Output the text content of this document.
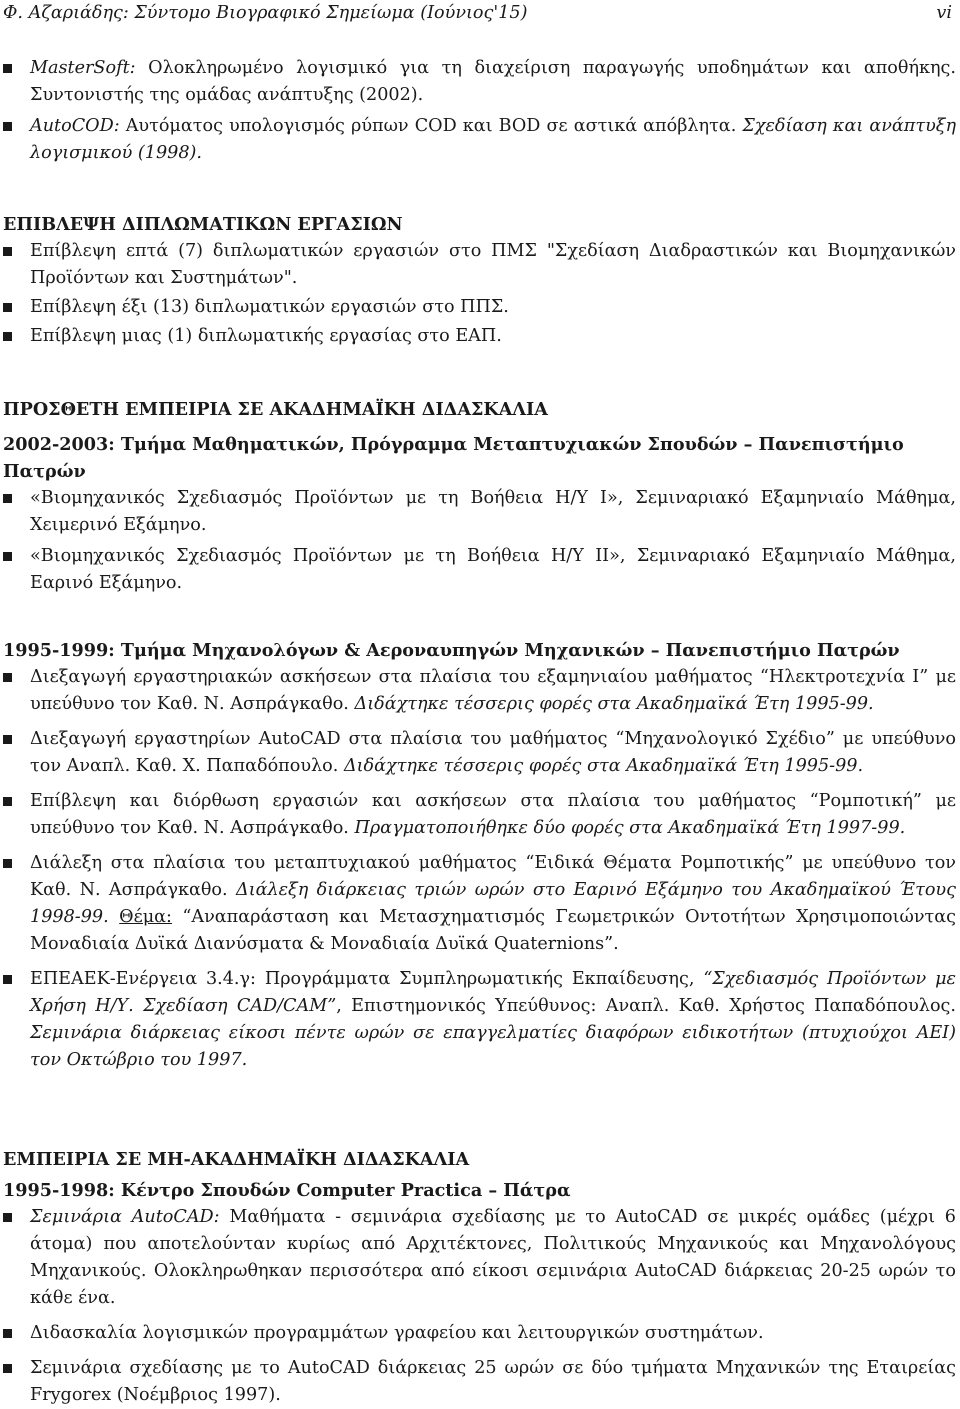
Φ. Αζαριάδης: Σύντομο Βιογραφικό Σημείωμα (Ιούνιος'15)	vi
MasterSoft: Ολοκληρωμένο λογισμικό για τη διαχείριση παραγωγής υποδημάτων και αποθήκης. Συντονιστής της ομάδας ανάπτυξης (2002).
AutoCOD: Αυτόματος υπολογισμός ρύπων COD και BOD σε αστικά απόβλητα. Σχεδίαση και ανάπτυξη λογισμικού (1998).
ΕΠΙΒΛΕΨΗ ΔΙΠΛΩΜΑΤΙΚΩΝ ΕΡΓΑΣΙΩΝ
Επίβλεψη επτά (7) διπλωματικών εργασιών στο ΠΜΣ "Σχεδίαση Διαδραστικών και Βιομηχανικών Προϊόντων και Συστημάτων".
Επίβλεψη έξι (13) διπλωματικών εργασιών στο ΠΠΣ.
Επίβλεψη μιας (1) διπλωματικής εργασίας στο ΕΑΠ.
ΠΡΟΣΘΕΤΗ ΕΜΠΕΙΡΙΑ ΣΕ ΑΚΑΔΗΜΑΪΚΗ ΔΙΔΑΣΚΑΛΙΑ

2002-2003: Τμήμα Μαθηματικών, Πρόγραμμα Μεταπτυχιακών Σπουδών – Πανεπιστήμιο Πατρών

«Βιομηχανικός Σχεδιασμός Προϊόντων με τη Βοήθεια Η/Υ I», Σεμιναριακό Εξαμηνιαίο Μάθημα, Χειμερινό Εξάμηνο.
«Βιομηχανικός Σχεδιασμός Προϊόντων με τη Βοήθεια Η/Υ II», Σεμιναριακό Εξαμηνιαίο Μάθημα, Εαρινό Εξάμηνο.

1995-1999: Τμήμα Μηχανολόγων & Αεροναυπηγών Μηχανικών – Πανεπιστήμιο Πατρών

Διεξαγωγή εργαστηριακών ασκήσεων στα πλαίσια του εξαμηνιαίου μαθήματος “Ηλεκτροτεχνία Ι” με υπεύθυνο τον Καθ. Ν. Ασπράγκαθο. Διδάχτηκε τέσσερις φορές στα Ακαδημαϊκά Έτη 1995-99.
Διεξαγωγή εργαστηρίων AutoCAD στα πλαίσια του μαθήματος “Μηχανολογικό Σχέδιο” με υπεύθυνο τον Αναπλ. Καθ. Χ. Παπαδόπουλο. Διδάχτηκε τέσσερις φορές στα Ακαδημαϊκά Έτη 1995-99.
Επίβλεψη και διόρθωση εργασιών και ασκήσεων στα πλαίσια του μαθήματος “Ρομποτική” με υπεύθυνο τον Καθ. Ν. Ασπράγκαθο. Πραγματοποιήθηκε δύο φορές στα Ακαδημαϊκά Έτη 1997-99.
Διάλεξη στα πλαίσια του μεταπτυχιακού μαθήματος “Ειδικά Θέματα Ρομποτικής” με υπεύθυνο τον Καθ. Ν. Ασπράγκαθο. Διάλεξη διάρκειας τριών ωρών στο Εαρινό Εξάμηνο του Ακαδημαϊκού Έτους 1998-99. Θέμα: “Αναπαράσταση και Μετασχηματισμός Γεωμετρικών Οντοτήτων Χρησιμοποιώντας Μοναδιαία Δυϊκά Διανύσματα & Μοναδιαία Δυϊκά Quaternions”.
ΕΠΕΑΕΚ-Ενέργεια 3.4.γ: Προγράμματα Συμπληρωματικής Εκπαίδευσης, “Σχεδιασμός Προϊόντων με Χρήση Η/Υ. Σχεδίαση CAD/CAM”, Επιστημονικός Υπεύθυνος: Αναπλ. Καθ. Χρήστος Παπαδόπουλος. Σεμινάρια διάρκειας είκοσι πέντε ωρών σε επαγγελματίες διαφόρων ειδικοτήτων (πτυχιούχοι ΑΕΙ) τον Οκτώβριο του 1997.
ΕΜΠΕΙΡΙΑ ΣΕ ΜΗ-ΑΚΑΔΗΜΑΪΚΗ ΔΙΔΑΣΚΑΛΙΑ

1995-1998: Κέντρο Σπουδών Computer Practica – Πάτρα

Σεμινάρια AutoCAD: Μαθήματα - σεμινάρια σχεδίασης με το AutoCAD σε μικρές ομάδες (μέχρι 6 άτομα) που αποτελούνταν κυρίως από Αρχιτέκτονες, Πολιτικούς Μηχανικούς και Μηχανολόγους Μηχανικούς. Ολοκληρωθηκαν περισσότερα από είκοσι σεμινάρια AutoCAD διάρκειας 20-25 ωρών το κάθε ένα.
Διδασκαλία λογισμικών προγραμμάτων γραφείου και λειτουργικών συστημάτων.
Σεμινάρια σχεδίασης με το AutoCAD διάρκειας 25 ωρών σε δύο τμήματα Μηχανικών της Εταιρείας Frygorex (Νοέμβριος 1997).
